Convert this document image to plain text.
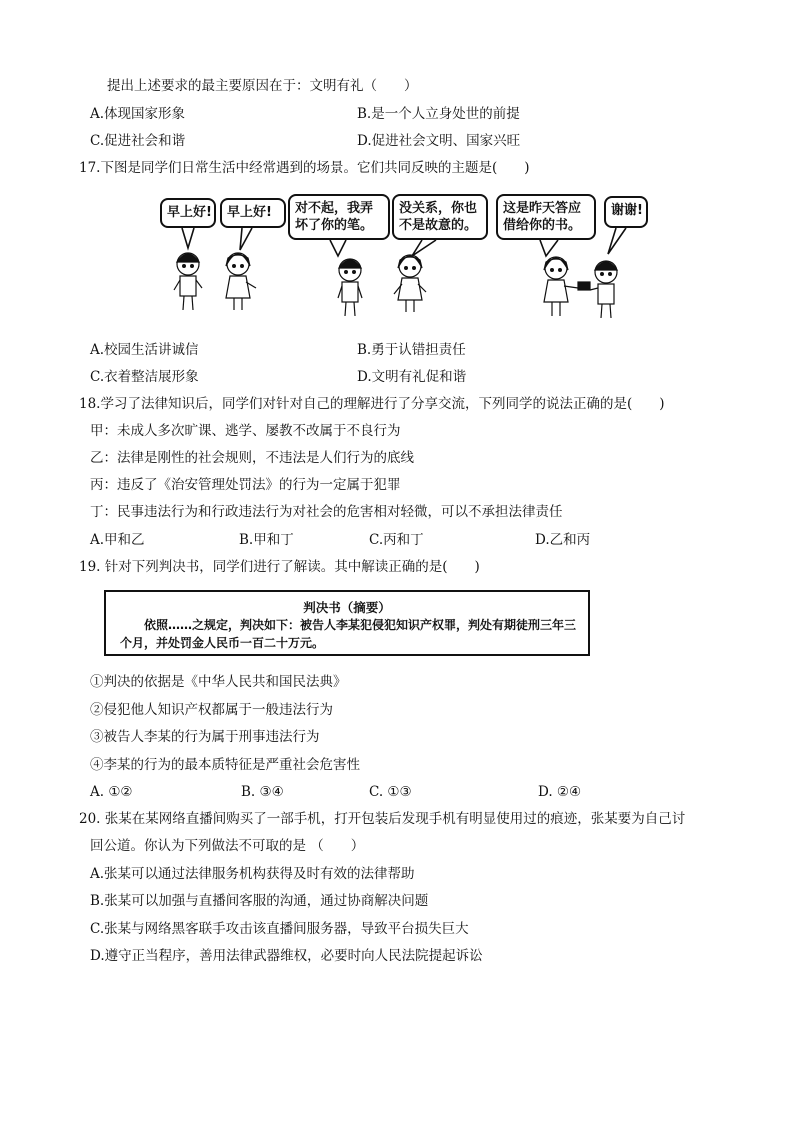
提出上述要求的最主要原因在于：文明有礼（　　）
A.体现国家形象	B.是一个人立身处世的前提
C.促进社会和谐	D.促进社会文明、国家兴旺
17.下图是同学们日常生活中经常遇到的场景。它们共同反映的主题是(　　)
早上好!	早上好!	对不起，我弄坏了你的笔。
没关系，你也不是故意的。
这是昨天答应借给你的书。
谢谢!
A.校园生活讲诚信	B.勇于认错担责任
C.衣着整洁展形象	D.文明有礼促和谐
18.学习了法律知识后，同学们对针对自己的理解进行了分享交流，下列同学的说法正确的是(　　)
甲：未成人多次旷课、逃学、屡教不改属于不良行为
乙：法律是刚性的社会规则，不违法是人们行为的底线
丙：违反了《治安管理处罚法》的行为一定属于犯罪
丁：民事违法行为和行政违法行为对社会的危害相对轻微，可以不承担法律责任
A.甲和乙	B.甲和丁	C.丙和丁	D.乙和丙
19. 针对下列判决书，同学们进行了解读。其中解读正确的是(　　)
判决书（摘要）
依照……之规定，判决如下：被告人李某犯侵犯知识产权罪，判处有期徒刑三年三个月，并处罚金人民币一百二十万元。
①判决的依据是《中华人民共和国民法典》
②侵犯他人知识产权都属于一般违法行为
③被告人李某的行为属于刑事违法行为
④李某的行为的最本质特征是严重社会危害性
A. ①②	B. ③④	C. ①③	D. ②④
20. 张某在某网络直播间购买了一部手机，打开包装后发现手机有明显使用过的痕迹，张某要为自己讨
回公道。你认为下列做法不可取的是 （　　）
A.张某可以通过法律服务机构获得及时有效的法律帮助
B.张某可以加强与直播间客服的沟通，通过协商解决问题
C.张某与网络黑客联手攻击该直播间服务器，导致平台损失巨大
D.遵守正当程序，善用法律武器维权，必要时向人民法院提起诉讼
